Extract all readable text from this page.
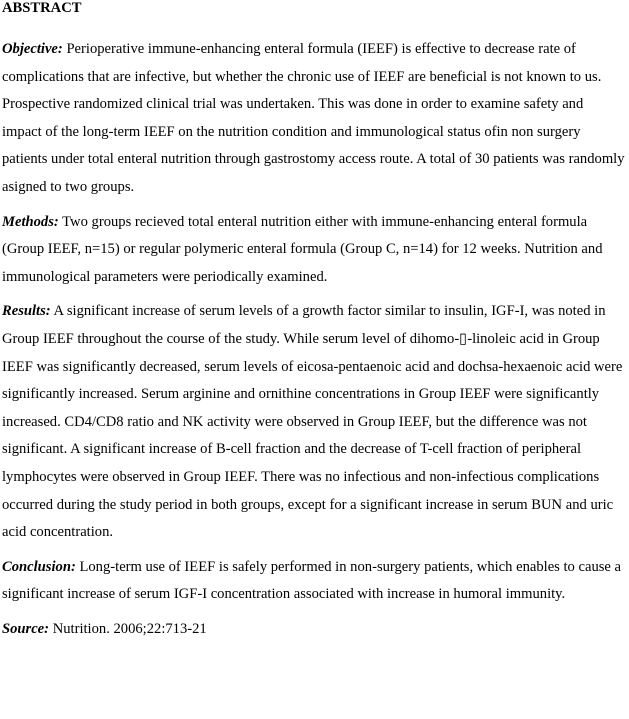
ABSTRACT

Objective: Perioperative immune-enhancing enteral formula (IEEF) is effective to decrease rate of complications that are infective, but whether the chronic use of IEEF are beneficial is not known to us. Prospective randomized clinical trial was undertaken. This was done in order to examine safety and impact of the long-term IEEF on the nutrition condition and immunological status ofin non surgery patients under total enteral nutrition through gastrostomy access route. A total of 30 patients was randomly asigned to two groups.

Methods: Two groups recieved total enteral nutrition either with immune-enhancing enteral formula (Group IEEF, n=15) or regular polymeric enteral formula (Group C, n=14) for 12 weeks. Nutrition and immunological parameters were periodically examined.

Results: A significant increase of serum levels of a growth factor similar to insulin, IGF-I, was noted in Group IEEF throughout the course of the study. While serum level of dihomo-▯-linoleic acid in Group IEEF was significantly decreased, serum levels of eicosa-pentaenoic acid and dochsa-hexaenoic acid were significantly increased. Serum arginine and ornithine concentrations in Group IEEF were significantly increased. CD4/CD8 ratio and NK activity were observed in Group IEEF, but the difference was not significant. A significant increase of B-cell fraction and the decrease of T-cell fraction of peripheral lymphocytes were observed in Group IEEF. There was no infectious and non-infectious complications occurred during the study period in both groups, except for a significant increase in serum BUN and uric acid concentration.

Conclusion: Long-term use of IEEF is safely performed in non-surgery patients, which enables to cause a significant increase of serum IGF-I concentration associated with increase in humoral immunity.

Source: Nutrition. 2006;22:713-21
